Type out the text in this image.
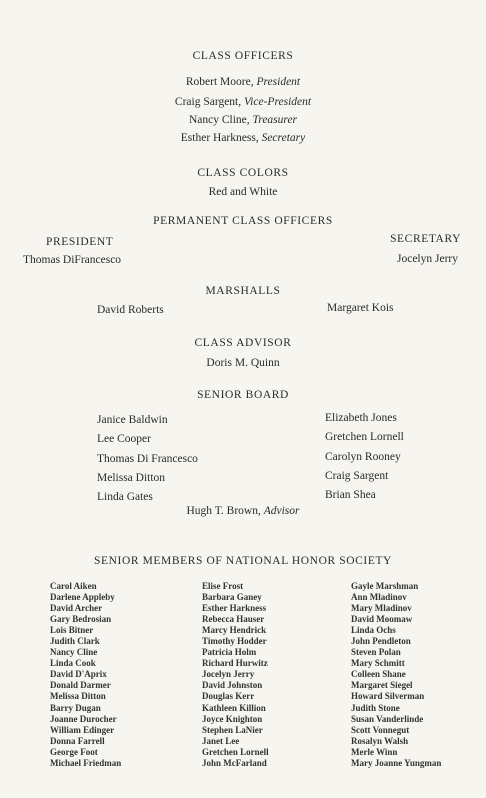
CLASS OFFICERS
Robert Moore, President
Craig Sargent, Vice-President
Nancy Cline, Treasurer
Esther Harkness, Secretary
CLASS COLORS
Red and White
PERMANENT CLASS OFFICERS
PRESIDENT
Thomas DiFrancesco
SECRETARY
Jocelyn Jerry
MARSHALLS
David Roberts	Margaret Kois
CLASS ADVISOR
Doris M. Quinn
SENIOR BOARD
Janice Baldwin
Lee Cooper
Thomas Di Francesco
Melissa Ditton
Linda Gates
Elizabeth Jones
Gretchen Lornell
Carolyn Rooney
Craig Sargent
Brian Shea
Hugh T. Brown, Advisor
SENIOR MEMBERS OF NATIONAL HONOR SOCIETY
Carol Aiken
Darlene Appleby
David Archer
Gary Bedrosian
Lois Bitner
Judith Clark
Nancy Cline
Linda Cook
David D'Aprix
Donald Darmer
Melissa Ditton
Barry Dugan
Joanne Durocher
William Edinger
Donna Farrell
George Foot
Michael Friedman
Elise Frost
Barbara Ganey
Esther Harkness
Rebecca Hauser
Marcy Hendrick
Timothy Hodder
Patricia Holm
Richard Hurwitz
Jocelyn Jerry
David Johnston
Douglas Kerr
Kathleen Killion
Joyce Knighton
Stephen LaNier
Janet Lee
Gretchen Lornell
John McFarland
Gayle Marshman
Ann Mladinov
Mary Mladinov
David Moomaw
Linda Ochs
John Pendleton
Steven Polan
Mary Schmitt
Colleen Shane
Margaret Siegel
Howard Silverman
Judith Stone
Susan Vanderlinde
Scott Vonnegut
Rosalyn Walsh
Merle Winn
Mary Joanne Yungman
